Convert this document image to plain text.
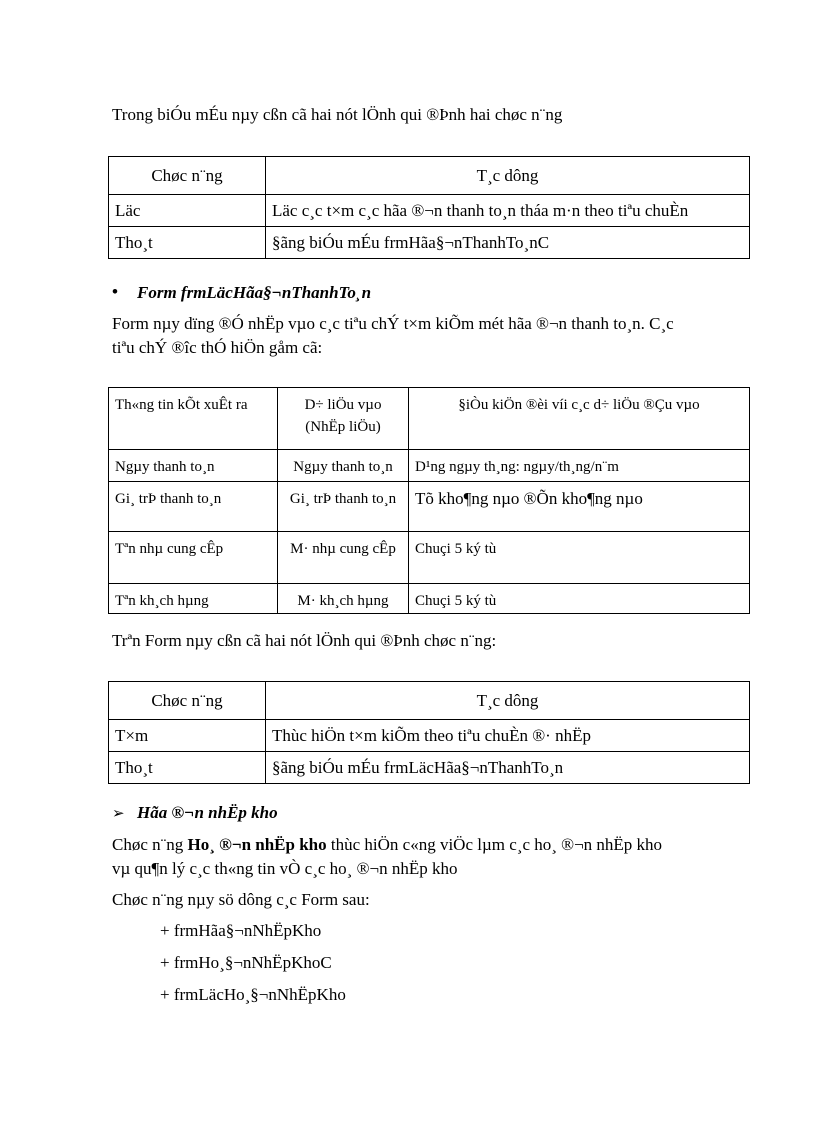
Trong biÓu mÉu nµy cßn cã hai nót lÖnh qui ®Þnh hai chøc n¨ng
Chøc n¨ng	T¸c dông
Läc	Läc c¸c t×m c¸c hãa ®¬n thanh to¸n tháa m·n theo tiªu chuÈn
Tho¸t	§ãng biÓu mÉu frmHãa§¬nThanhTo¸nC
• Form frmLäcHãa§¬nThanhTo¸n
Form nµy dïng ®Ó nhËp vµo c¸c tiªu chÝ t×m kiÕm mét hãa ®¬n thanh to¸n. C¸c
tiªu chÝ ®îc thÓ hiÖn gåm cã:
Th«ng tin kÕt xuÊt ra	D÷ liÖu vµo (NhËp liÖu)	§iÒu kiÖn ®èi víi c¸c d÷ liÖu ®Çu vµo
Ngµy thanh to¸n	Ngµy thanh to¸n	D¹ng ngµy th¸ng: ngµy/th¸ng/n¨m
Gi¸ trÞ thanh to¸n	Gi¸ trÞ thanh to¸n	Tõ kho¶ng nµo ®Õn kho¶ng nµo
Tªn nhµ cung cÊp	M· nhµ cung cÊp	Chuçi 5 ký tù
Tªn kh¸ch hµng	M· kh¸ch hµng	Chuçi 5 ký tù
Trªn Form nµy cßn cã hai nót lÖnh qui ®Þnh chøc n¨ng:
Chøc n¨ng	T¸c dông
T×m	Thùc hiÖn t×m kiÕm theo tiªu chuÈn ®· nhËp
Tho¸t	§ãng biÓu mÉu frmLäcHãa§¬nThanhTo¸n
➢ Hãa ®¬n nhËp kho
Chøc n¨ng Ho¸ ®¬n nhËp kho thùc hiÖn c«ng viÖc lµm c¸c ho¸ ®¬n nhËp kho
vµ qu¶n lý c¸c th«ng tin vÒ c¸c ho¸ ®¬n nhËp kho
Chøc n¨ng nµy sö dông c¸c Form sau:
+ frmHãa§¬nNhËpKho
+ frmHo¸§¬nNhËpKhoC
+ frmLäcHo¸§¬nNhËpKho
